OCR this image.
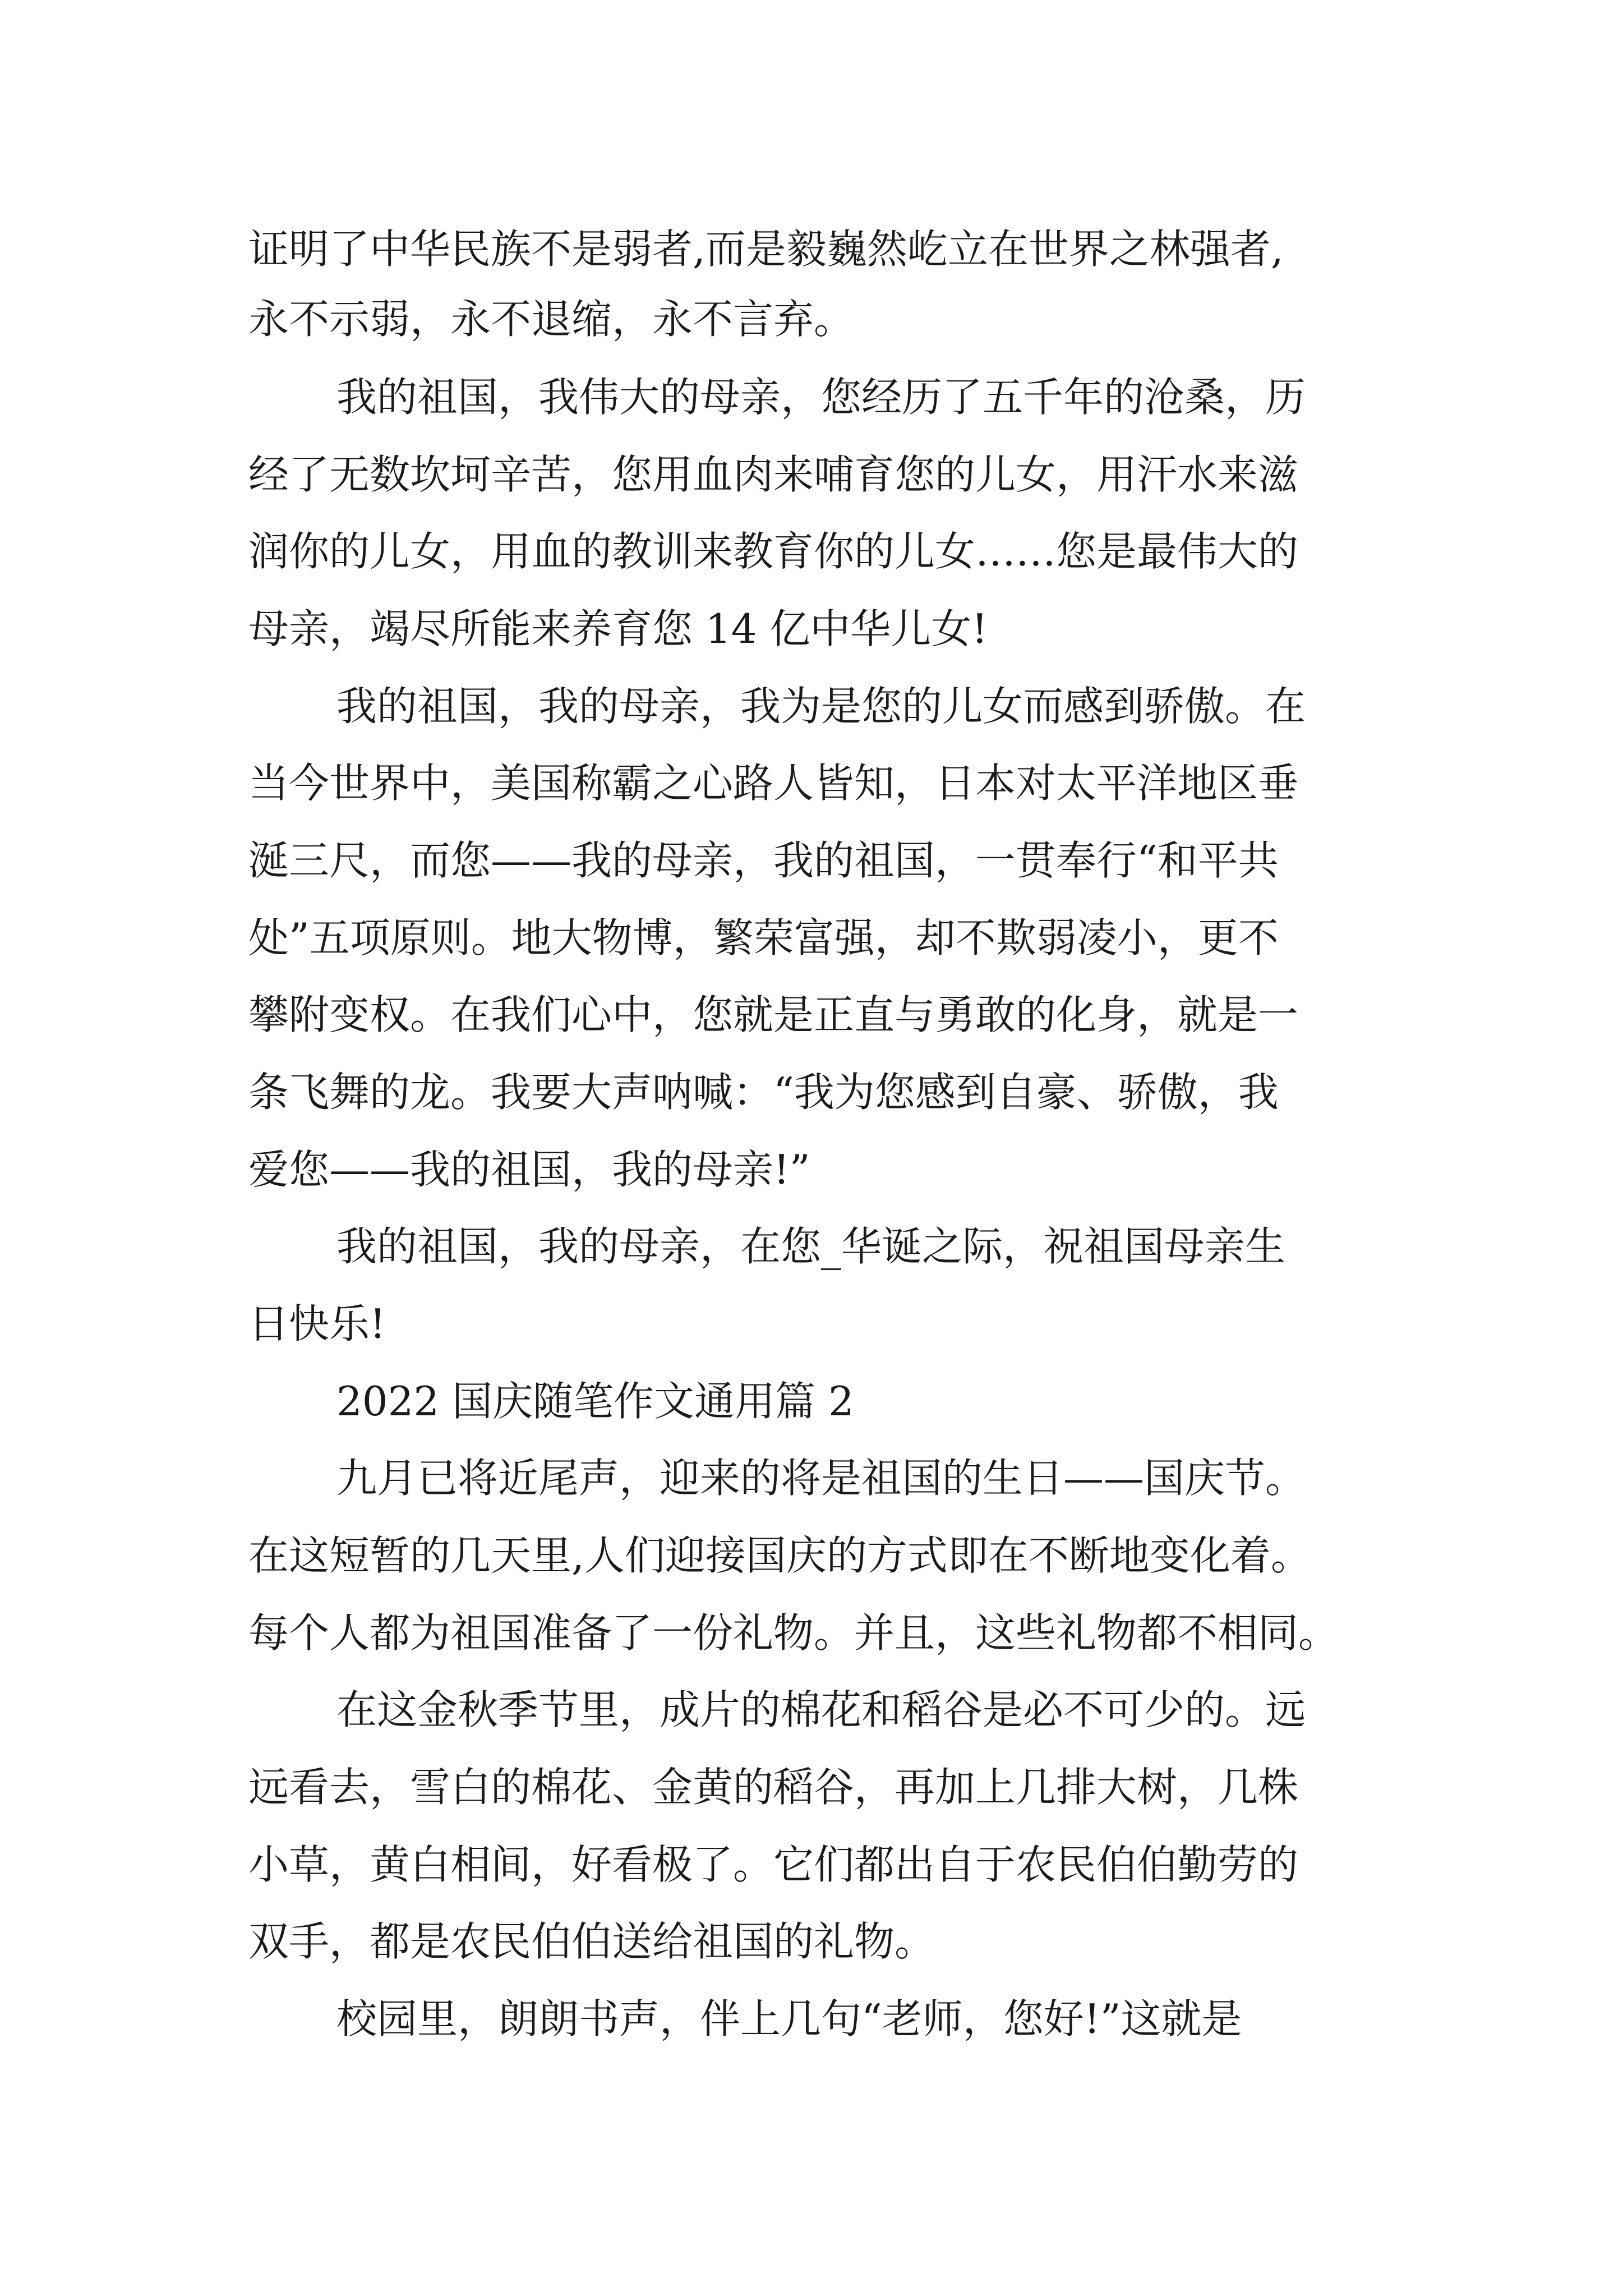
证明了中华民族不是弱者,而是毅巍然屹立在世界之林强者,

永不示弱，永不退缩，永不言弃。

我的祖国，我伟大的母亲，您经历了五千年的沧桑，历

经了无数坎坷辛苦，您用血肉来哺育您的儿女，用汗水来滋

润你的儿女，用血的教训来教育你的儿女……您是最伟大的

母亲，竭尽所能来养育您 14 亿中华儿女!

我的祖国，我的母亲，我为是您的儿女而感到骄傲。在

当今世界中，美国称霸之心路人皆知，日本对太平洋地区垂

涎三尺，而您——我的母亲，我的祖国，一贯奉行“和平共

处”五项原则。地大物博，繁荣富强，却不欺弱凌小，更不

攀附变权。在我们心中，您就是正直与勇敢的化身，就是一

条飞舞的龙。我要大声呐喊：“我为您感到自豪、骄傲，我

爱您——我的祖国，我的母亲!”

我的祖国，我的母亲，在您_华诞之际，祝祖国母亲生

日快乐!

2022 国庆随笔作文通用篇 2

九月已将近尾声，迎来的将是祖国的生日——国庆节。

在这短暂的几天里,人们迎接国庆的方式即在不断地变化着。

每个人都为祖国准备了一份礼物。并且，这些礼物都不相同。

在这金秋季节里，成片的棉花和稻谷是必不可少的。远

远看去，雪白的棉花、金黄的稻谷，再加上几排大树，几株

小草，黄白相间，好看极了。它们都出自于农民伯伯勤劳的

双手，都是农民伯伯送给祖国的礼物。

校园里，朗朗书声，伴上几句“老师，您好!”这就是
